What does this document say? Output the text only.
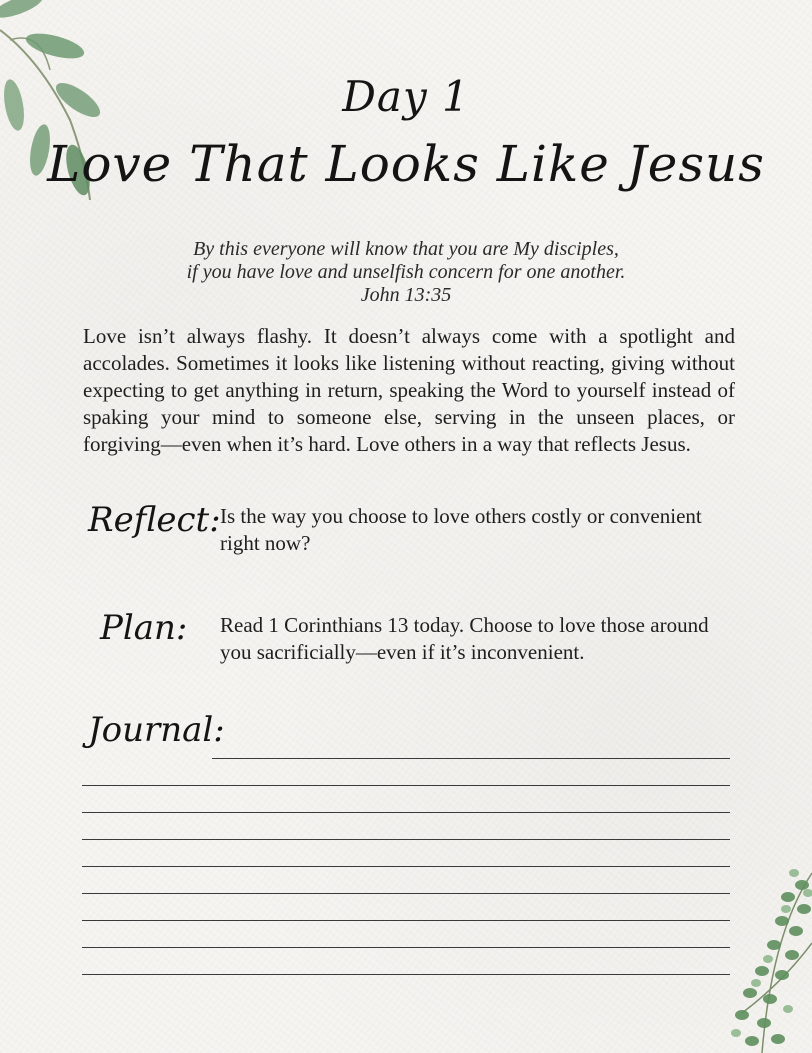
Day 1
Love That Looks Like Jesus
By this everyone will know that you are My disciples,
if you have love and unselfish concern for one another.
John 13:35
Love isn’t always flashy. It doesn’t always come with a spotlight and accolades. Sometimes it looks like listening without reacting, giving without expecting to get anything in return, speaking the Word to yourself instead of spaking your mind to someone else, serving in the unseen places, or forgiving—even when it’s hard. Love others in a way that reflects Jesus.
Reflect: Is the way you choose to love others costly or convenient right now?
Plan: Read 1 Corinthians 13 today. Choose to love those around you sacrificially—even if it’s inconvenient.
Journal:
